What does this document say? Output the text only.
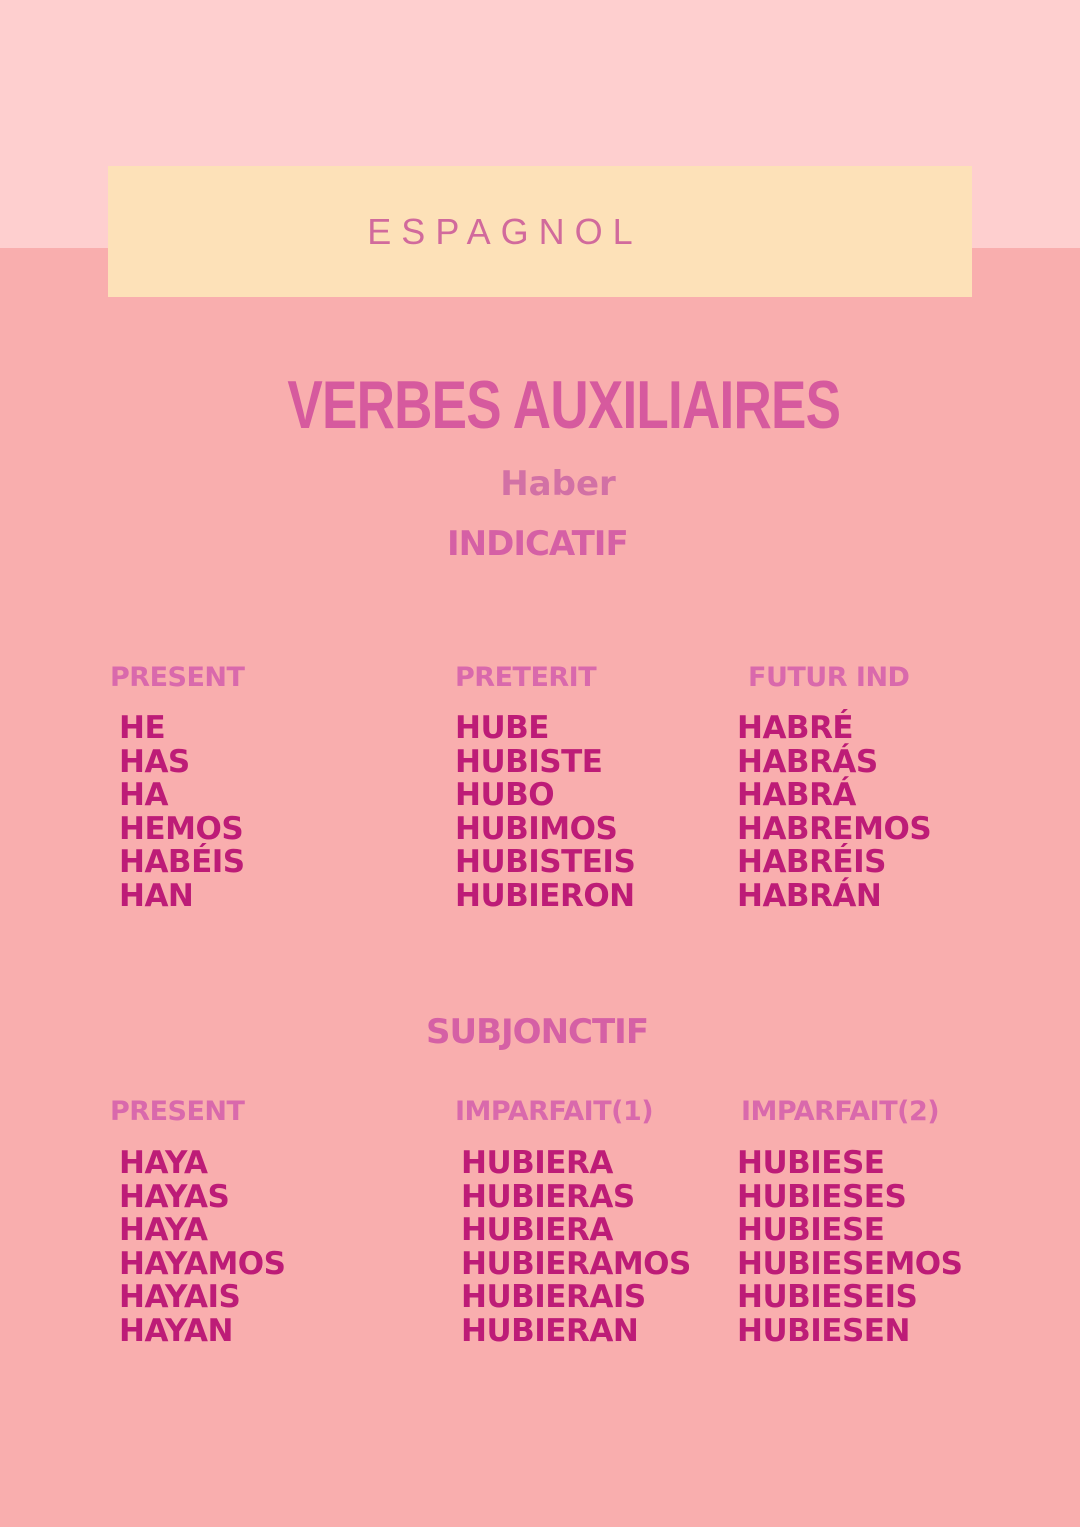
ESPAGNOL
VERBES AUXILIAIRES
Haber
INDICATIF
PRESENT
HE
HAS
HA
HEMOS
HABÉIS
HAN
PRETERIT
HUBE
HUBISTE
HUBO
HUBIMOS
HUBISTEIS
HUBIERON
FUTUR IND
HABRÉ
HABRÁS
HABRÁ
HABREMOS
HABRÉIS
HABRÁN
SUBJONCTIF
PRESENT
HAYA
HAYAS
HAYA
HAYAMOS
HAYAIS
HAYAN
IMPARFAIT(1)
HUBIERA
HUBIERAS
HUBIERA
HUBIERAMOS
HUBIERAIS
HUBIERAN
IMPARFAIT(2)
HUBIESE
HUBIESES
HUBIESE
HUBIESEMOS
HUBIESEIS
HUBIESEN
